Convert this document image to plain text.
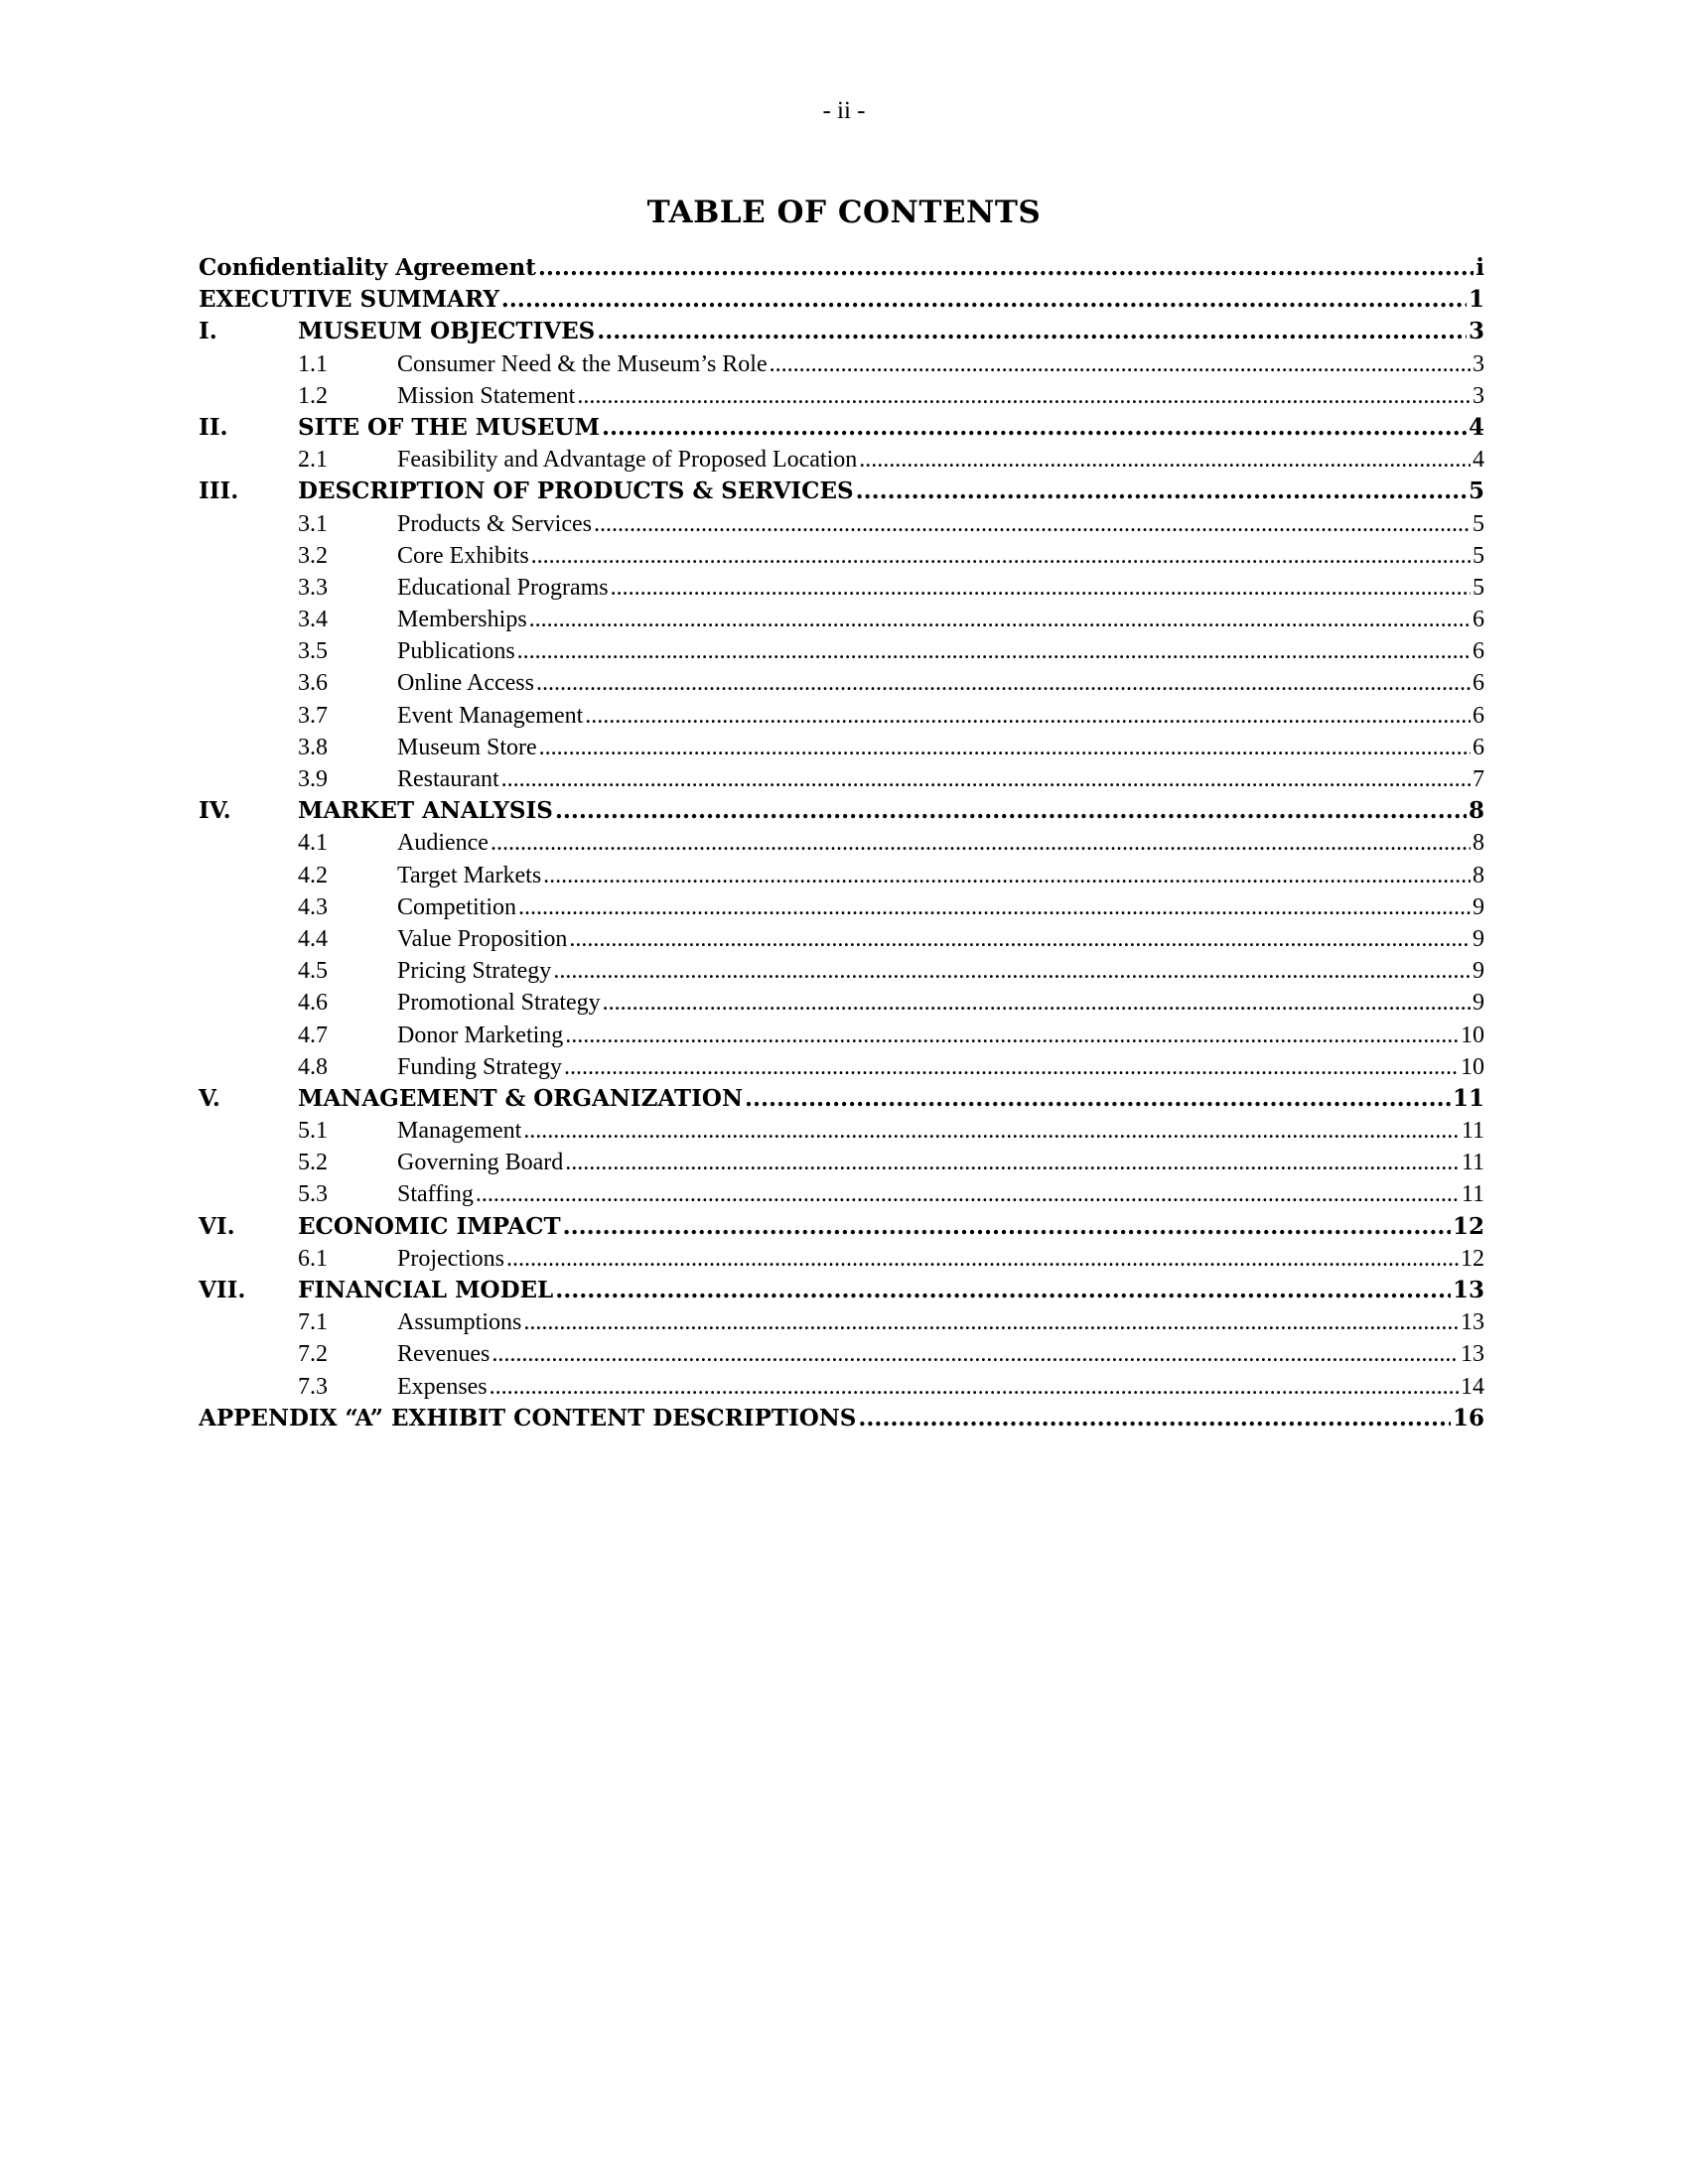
- ii -
TABLE OF CONTENTS
Confidentiality Agreement .....	i
EXECUTIVE SUMMARY .....	1
I.	MUSEUM OBJECTIVES .....	3
1.1	Consumer Need & the Museum’s Role .....	3
1.2	Mission Statement .....	3
II.	SITE OF THE MUSEUM .....	4
2.1	Feasibility and Advantage of Proposed Location .....	4
III.	DESCRIPTION OF PRODUCTS & SERVICES .....	5
3.1	Products & Services .....	5
3.2	Core Exhibits .....	5
3.3	Educational Programs .....	5
3.4	Memberships .....	6
3.5	Publications .....	6
3.6	Online Access .....	6
3.7	Event Management .....	6
3.8	Museum Store .....	6
3.9	Restaurant .....	7
IV.	MARKET ANALYSIS .....	8
4.1	Audience .....	8
4.2	Target Markets .....	8
4.3	Competition .....	9
4.4	Value Proposition .....	9
4.5	Pricing Strategy .....	9
4.6	Promotional Strategy .....	9
4.7	Donor Marketing .....	10
4.8	Funding Strategy .....	10
V.	MANAGEMENT & ORGANIZATION .....	11
5.1	Management .....	11
5.2	Governing Board .....	11
5.3	Staffing .....	11
VI.	ECONOMIC IMPACT .....	12
6.1	Projections .....	12
VII.	FINANCIAL MODEL .....	13
7.1	Assumptions .....	13
7.2	Revenues .....	13
7.3	Expenses .....	14
APPENDIX “A” EXHIBIT CONTENT DESCRIPTIONS .....	16
